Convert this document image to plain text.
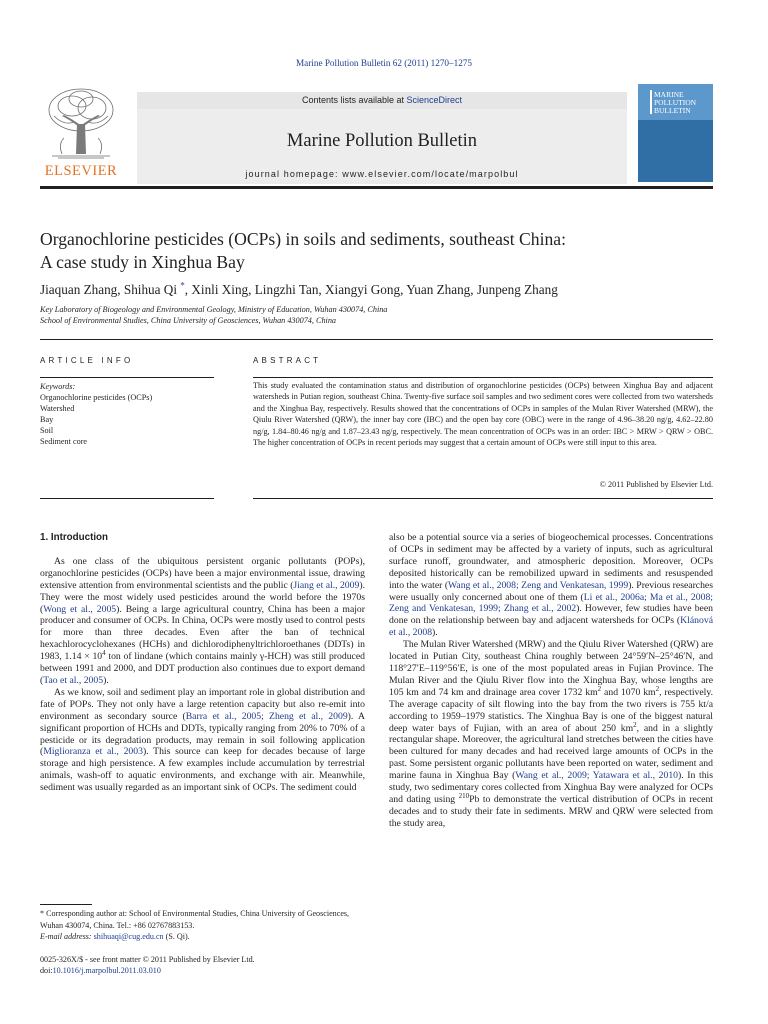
Marine Pollution Bulletin 62 (2011) 1270–1275
ELSEVIER
Contents lists available at ScienceDirect
Marine Pollution Bulletin
journal homepage: www.elsevier.com/locate/marpolbul
MARINE
POLLUTION
BULLETIN
Organochlorine pesticides (OCPs) in soils and sediments, southeast China:
A case study in Xinghua Bay
Jiaquan Zhang, Shihua Qi *, Xinli Xing, Lingzhi Tan, Xiangyi Gong, Yuan Zhang, Junpeng Zhang
Key Laboratory of Biogeology and Environmental Geology, Ministry of Education, Wuhan 430074, China
School of Environmental Studies, China University of Geosciences, Wuhan 430074, China
ARTICLE INFO	ABSTRACT
Keywords:
Organochlorine pesticides (OCPs)
Watershed
Bay
Soil
Sediment core
This study evaluated the contamination status and distribution of organochlorine pesticides (OCPs) between Xinghua Bay and adjacent watersheds in Putian region, southeast China. Twenty-five surface soil samples and two sediment cores were collected from two watersheds and the Xinghua Bay, respectively. Results showed that the concentrations of OCPs in samples of the Mulan River Watershed (MRW), the Qiulu River Watershed (QRW), the inner bay core (IBC) and the open bay core (OBC) were in the range of 4.96–38.20 ng/g, 4.62–22.80 ng/g, 1.84–80.46 ng/g and 1.87–23.43 ng/g, respectively. The mean concentration of OCPs was in an order: IBC > MRW > QRW > OBC. The higher concentration of OCPs in recent periods may suggest that a certain amount of OCPs were still input to this area.
© 2011 Published by Elsevier Ltd.
1. Introduction

As one class of the ubiquitous persistent organic pollutants (POPs), organochlorine pesticides (OCPs) have been a major environmental issue, drawing extensive attention from environmental scientists and the public (Jiang et al., 2009). They were the most widely used pesticides around the world before the 1970s (Wong et al., 2005). Being a large agricultural country, China has been a major producer and consumer of OCPs. In China, OCPs were mostly used to control pests for more than three decades. Even after the ban of technical hexachlorocyclohexanes (HCHs) and dichlorodiphenyltrichloroethanes (DDTs) in 1983, $1.14 \times 10^4$ ton of lindane (which contains mainly γ-HCH) was still produced between 1991 and 2000, and DDT production also continues due to export demand (Tao et al., 2005).

As we know, soil and sediment play an important role in global distribution and fate of POPs. They not only have a large retention capacity but also re-emit into environment as secondary source (Barra et al., 2005; Zheng et al., 2009). A significant proportion of HCHs and DDTs, typically ranging from 20% to 70% of a pesticide or its degradation products, may remain in soil following application (Miglioranza et al., 2003). This source can keep for decades because of large storage and high persistence. A few examples include accumulation by terrestrial animals, wash-off to aquatic environments, and exchange with air. Meanwhile, sediment was usually regarded as an important sink of OCPs. The sediment could

also be a potential source via a series of biogeochemical processes. Concentrations of OCPs in sediment may be affected by a variety of inputs, such as agricultural surface runoff, groundwater, and atmospheric deposition. Moreover, OCPs deposited historically can be remobilized upward in sediments and resuspended into the water (Wang et al., 2008; Zeng and Venkatesan, 1999). Previous researches were usually only concerned about one of them (Li et al., 2006a; Ma et al., 2008; Zeng and Venkatesan, 1999; Zhang et al., 2002). However, few studies have been done on the relationship between bay and adjacent watersheds for OCPs (Klánová et al., 2008).

The Mulan River Watershed (MRW) and the Qiulu River Watershed (QRW) are located in Putian City, southeast China roughly between 24°59′N–25°46′N, and 118°27′E–119°56′E, is one of the most populated areas in Fujian Province. The Mulan River and the Qiulu River flow into the Xinghua Bay, whose lengths are 105 km and 74 km and drainage area cover 1732 $km^2$ and 1070 $km^2$, respectively. The average capacity of silt flowing into the bay from the two rivers is 755 kt/a according to 1959–1979 statistics. The Xinghua Bay is one of the biggest natural deep water bays of Fujian, with an area of about 250 $km^2$, and in a slightly rectangular shape. Moreover, the agricultural land stretches between the cities have been cultured for many decades and had received large amounts of OCPs in the past. Some persistent organic pollutants have been reported on water, sediment and marine fauna in Xinghua Bay (Wang et al., 2009; Yatawara et al., 2010). In this study, two sedimentary cores collected from Xinghua Bay were analyzed for OCPs and dating using $^{210}$Pb to demonstrate the vertical distribution of OCPs in recent decades and to study their fate in sediments. MRW and QRW were selected from the study area,

* Corresponding author at: School of Environmental Studies, China University of Geosciences, Wuhan 430074, China. Tel.: +86 02767883153.
E-mail address: shihuaqi@cug.edu.cn (S. Qi).
0025-326X/$ - see front matter © 2011 Published by Elsevier Ltd.
doi:10.1016/j.marpolbul.2011.03.010
